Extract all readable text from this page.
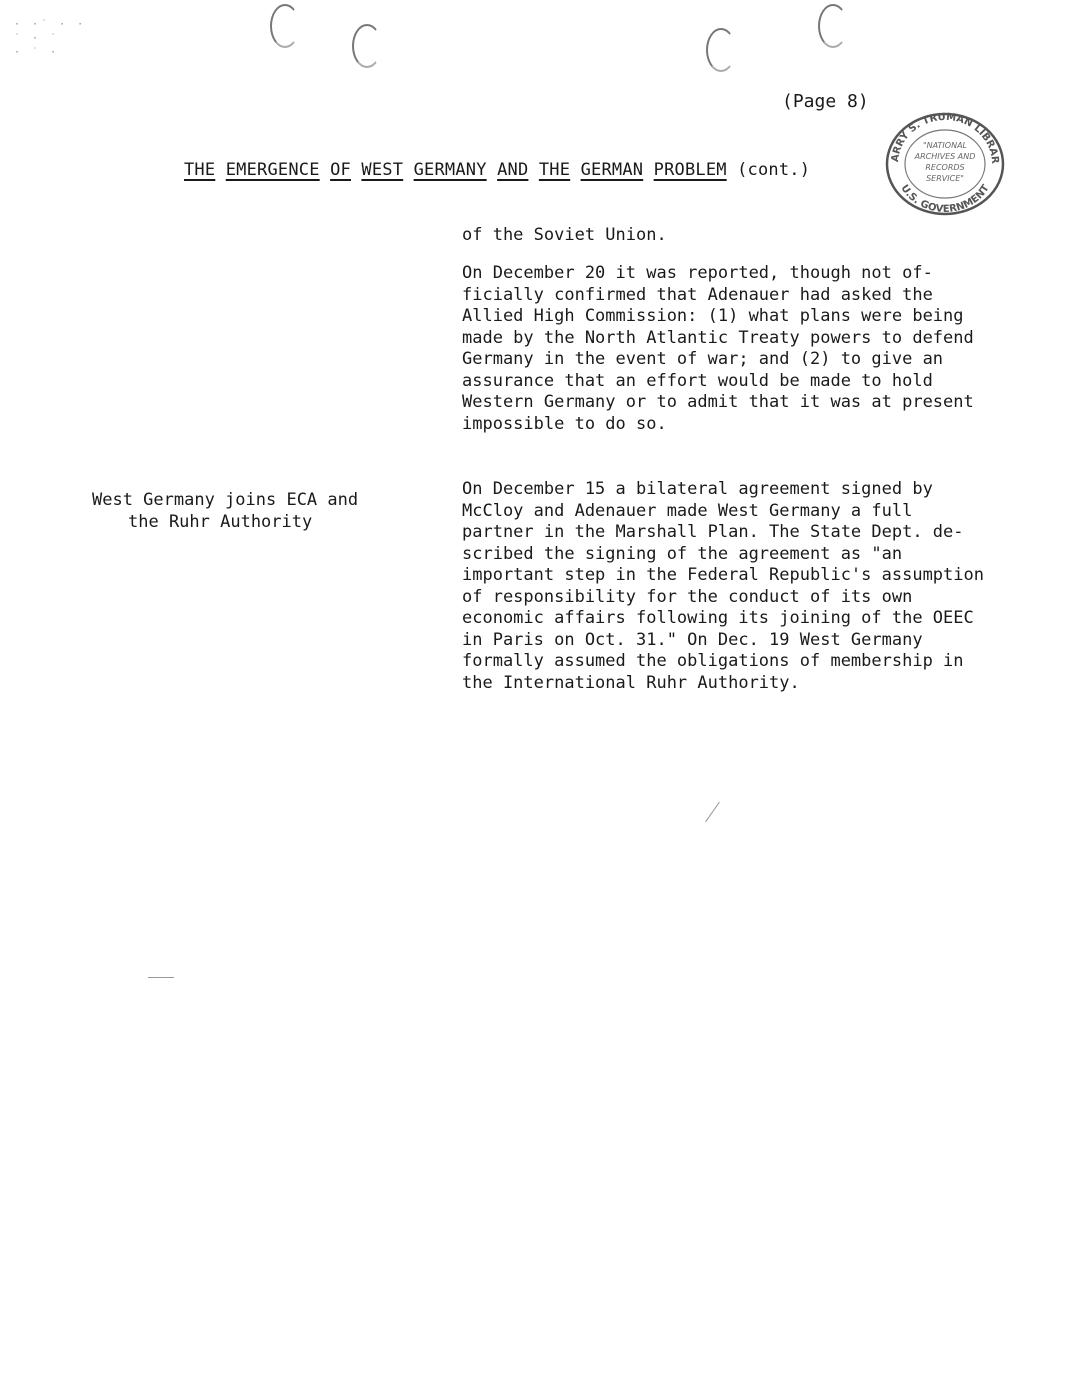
· ·˙ · ·
˙ · ˙
· ˙ ·
(Page 8)
THE EMERGENCE OF WEST GERMANY AND THE GERMAN PROBLEM (cont.)
ARRY S. TRUMAN LIBRAR
U.S. GOVERNMENT
"NATIONAL
ARCHIVES AND
RECORDS
SERVICE"

of the Soviet Union.

On December 20 it was reported, though not of-

ficially confirmed that Adenauer had asked the

Allied High Commission: (1) what plans were being

made by the North Atlantic Treaty powers to defend

Germany in the event of war; and (2) to give an

assurance that an effort would be made to hold

Western Germany or to admit that it was at present

impossible to do so.

West Germany joins ECA and

the Ruhr Authority

On December 15 a bilateral agreement signed by

McCloy and Adenauer made West Germany a full

partner in the Marshall Plan. The State Dept. de-

scribed the signing of the agreement as "an

important step in the Federal Republic's assumption

of responsibility for the conduct of its own

economic affairs following its joining of the OEEC

in Paris on Oct. 31." On Dec. 19 West Germany

formally assumed the obligations of membership in

the International Ruhr Authority.
